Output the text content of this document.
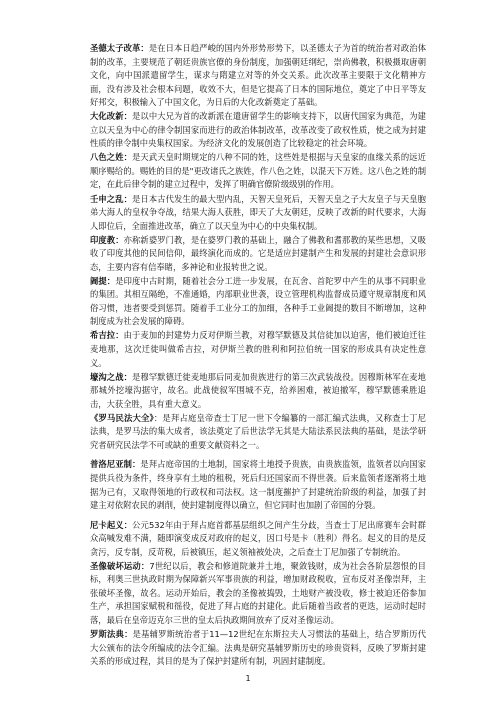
圣德太子改革：是在日本日趋严峻的国内外形势形势下，以圣德太子为首的统治者对政治体制的改革，主要规范了朝廷贵族官僚的身份制度，加强朝廷纲纪，崇尚佛教，积极摄取唐朝文化，向中国派遣留学生，谋求与隋建立对等的外交关系。此次改革主要限于文化精神方面，没有涉及社会根本问题，收效不大，但是它提高了日本的国际地位，奠定了中日平等友好邦交，积极输入了中国文化，为日后的大化改新奠定了基础。

大化改新：是以中大兄为首的改新派在遣唐留学生的影响支持下，以唐代国家为典范，为建立以天皇为中心的律令制国家而进行的政治体制改革，改革改变了政权性质，使之成为封建性质的律令制中央集权国家。为经济文化的发展创造了比较稳定的社会环境。

八色之姓：是天武天皇时期规定的八种不同的姓，这些姓是根据与天皇家的血缘关系的远近顺序赐给的。赐姓的目的是"更改诸氏之族姓，作八色之姓，以混天下万姓。这八色之姓的制定，在此后律令制的建立过程中，发挥了明确官僚阶级级别的作用。

壬申之乱：是日本古代发生的最大型内乱，天智天皇死后，天智天皇之子大友皇子与天皇胞弟大海人的皇权争夺战，结果大海人获胜，即天了大友朝廷，反映了改新的时代要求，大海人即位后，全面推进改革，确立了以天皇为中心的中央集权制。

印度教：亦称新婆罗门教，是在婆罗门教的基础上，融合了佛教和耆那教的某些思想，又吸收了印度其他的民间信仰，最终演化而成的。它是适应封建制产生和发展的封建社会意识形态，主要内容有信奉睹，多神论和业报转世之说。

阇提：是印度中古时期，随着社会分工进一步发展，在瓦舍、首陀罗中产生的从事不同职业的集团。其相互隔绝，不准通婚，内部职业世袭，设立管理机构监督成员遵守规章制度和风俗习惯，违者要受到惩罚。随着手工业分工的加细，各种手工业阇提的数目不断增加，这种制度成为社会发展的障碍。

希吉拉：由于麦加的封建势力反对伊斯兰教，对穆罕默德及其信徒加以迫害，他们被迫迁往麦地那，这次迁徙叫做希吉拉，对伊斯兰教的胜利和阿拉伯统一国家的形成具有决定性意义。

壕沟之战：是穆罕默德迁徙麦地那后同麦加贵族进行的第三次武装战役。因穆斯林军在麦地那城外挖壕沟据守，故名。此战使叙军围城不克，给养困难，被迫撤军，穆罕默德乘胜追击，大获全胜，具有重大意义。

《罗马民法大全》：是拜占庭皇帝查士丁尼一世下令编纂的一部汇编式法典，又称查士丁尼法典，是罗马法的集大成者，该法奠定了后世法学无其是大陆法系民法典的基础，是法学研究者研究民法学不可或缺的重要文献资料之一。

普洛尼亚制：是拜占庭帝国的土地制，国家将土地授予贵族，由贵族监领，监领者以向国家提供兵役为条件，终身享有土地的租税，死后归还国家而不得世袭。后来监领者逐渐将土地据为己有，又取得领地的行政权和司法权。这一制度摧护了封建统治阶级的利益，加强了封建主对依附农民的剥削，使封建制度得以确立，但它同时也加剧了帝国的分裂。

尼卡起义：公元532年由于拜占庭首都基层组织之间产生分歧，当查士丁尼出席赛车会时群众高喊发难不满，随即演变成反对政府的起义，因口号是卡（胜利）得名。起义的目的是反贪污，反专制，反苛税，后被镇压，起义领袖被处决，之后查士丁尼加强了专制统治。

圣像破坏运动：7世纪以后，教会和修道院兼并土地，聚敛钱财，成为社会各阶层怨恨的目标，利奥三世执政时期为保障新兴军事贵族的利益，增加财政税收，宣布反对圣像崇拜，主张破坏圣像，故名。运动开始后，教会的圣像被捣毁，土地财产被没收，修士被迫还俗参加生产，承担国家赋税和徭役，促进了拜占庭的封建化。此后随着当政者的更迭，运动时起时落，最后在皇帝迈克尔三世的皇太后执政期间放弃了反对圣像运动。

罗斯法典：是基辅罗斯统治者于11—12世纪在东斯拉夫人习惯法的基础上，结合罗斯历代大公颁布的法令所编成的法令汇编。法典是研究基辅罗斯历史的珍贵资料，反映了罗斯封建关系的形成过程，其目的是为了保护封建所有制，巩固封建制度。

1
